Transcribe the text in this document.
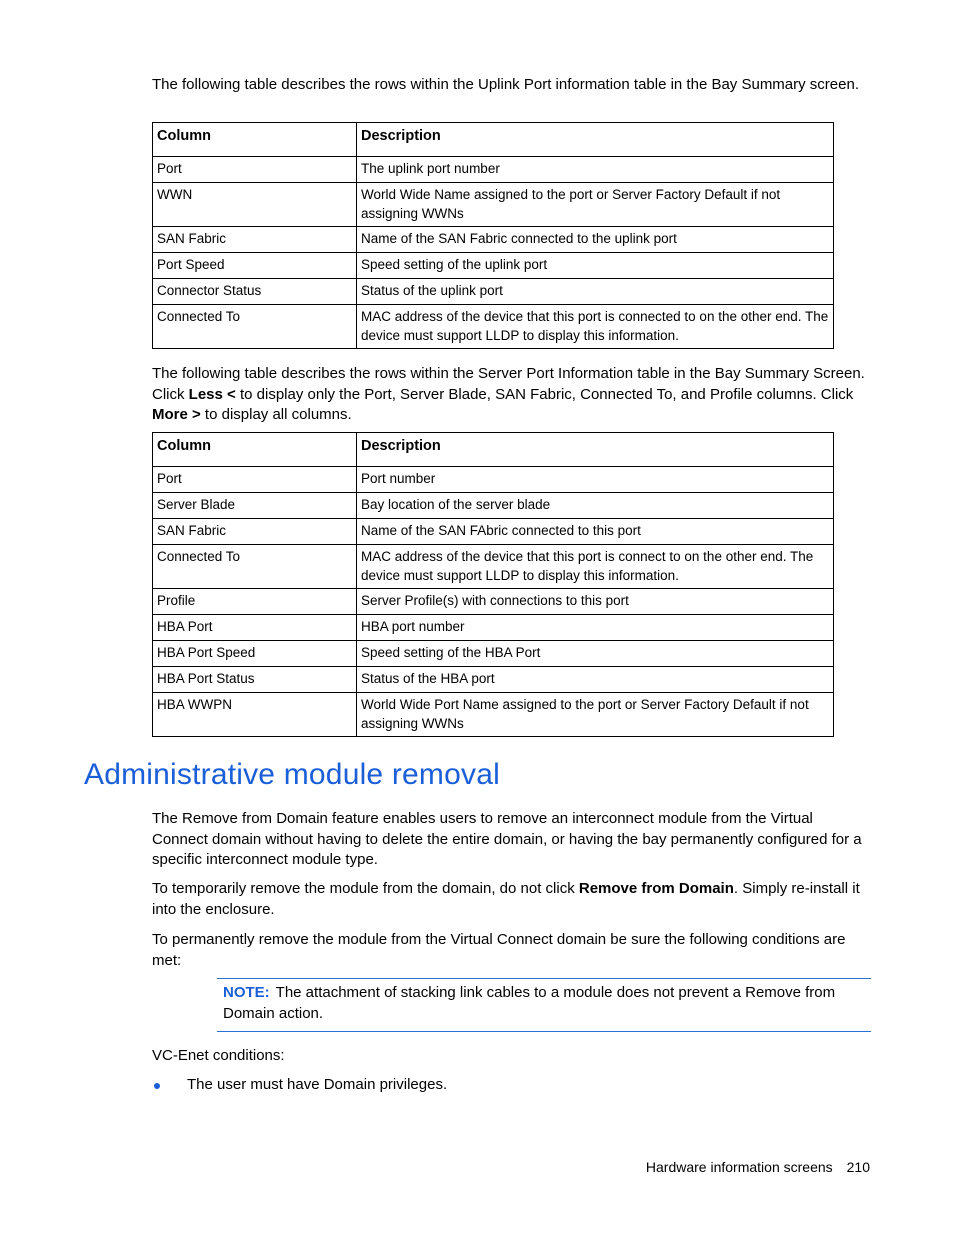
The following table describes the rows within the Uplink Port information table in the Bay Summary screen.

Column	Description
Port	The uplink port number
WWN	World Wide Name assigned to the port or Server Factory Default if not assigning WWNs
SAN Fabric	Name of the SAN Fabric connected to the uplink port
Port Speed	Speed setting of the uplink port
Connector Status	Status of the uplink port
Connected To	MAC address of the device that this port is connected to on the other end. The device must support LLDP to display this information.

The following table describes the rows within the Server Port Information table in the Bay Summary Screen. Click Less < to display only the Port, Server Blade, SAN Fabric, Connected To, and Profile columns. Click More > to display all columns.

Column	Description
Port	Port number
Server Blade	Bay location of the server blade
SAN Fabric	Name of the SAN FAbric connected to this port
Connected To	MAC address of the device that this port is connect to on the other end. The device must support LLDP to display this information.
Profile	Server Profile(s) with connections to this port
HBA Port	HBA port number
HBA Port Speed	Speed setting of the HBA Port
HBA Port Status	Status of the HBA port
HBA WWPN	World Wide Port Name assigned to the port or Server Factory Default if not assigning WWNs
Administrative module removal

The Remove from Domain feature enables users to remove an interconnect module from the Virtual Connect domain without having to delete the entire domain, or having the bay permanently configured for a specific interconnect module type.

To temporarily remove the module from the domain, do not click Remove from Domain. Simply re-install it into the enclosure.

To permanently remove the module from the Virtual Connect domain be sure the following conditions are met:

NOTE: The attachment of stacking link cables to a module does not prevent a Remove from Domain action.

VC-Enet conditions:

The user must have Domain privileges.
Hardware information screens 210
